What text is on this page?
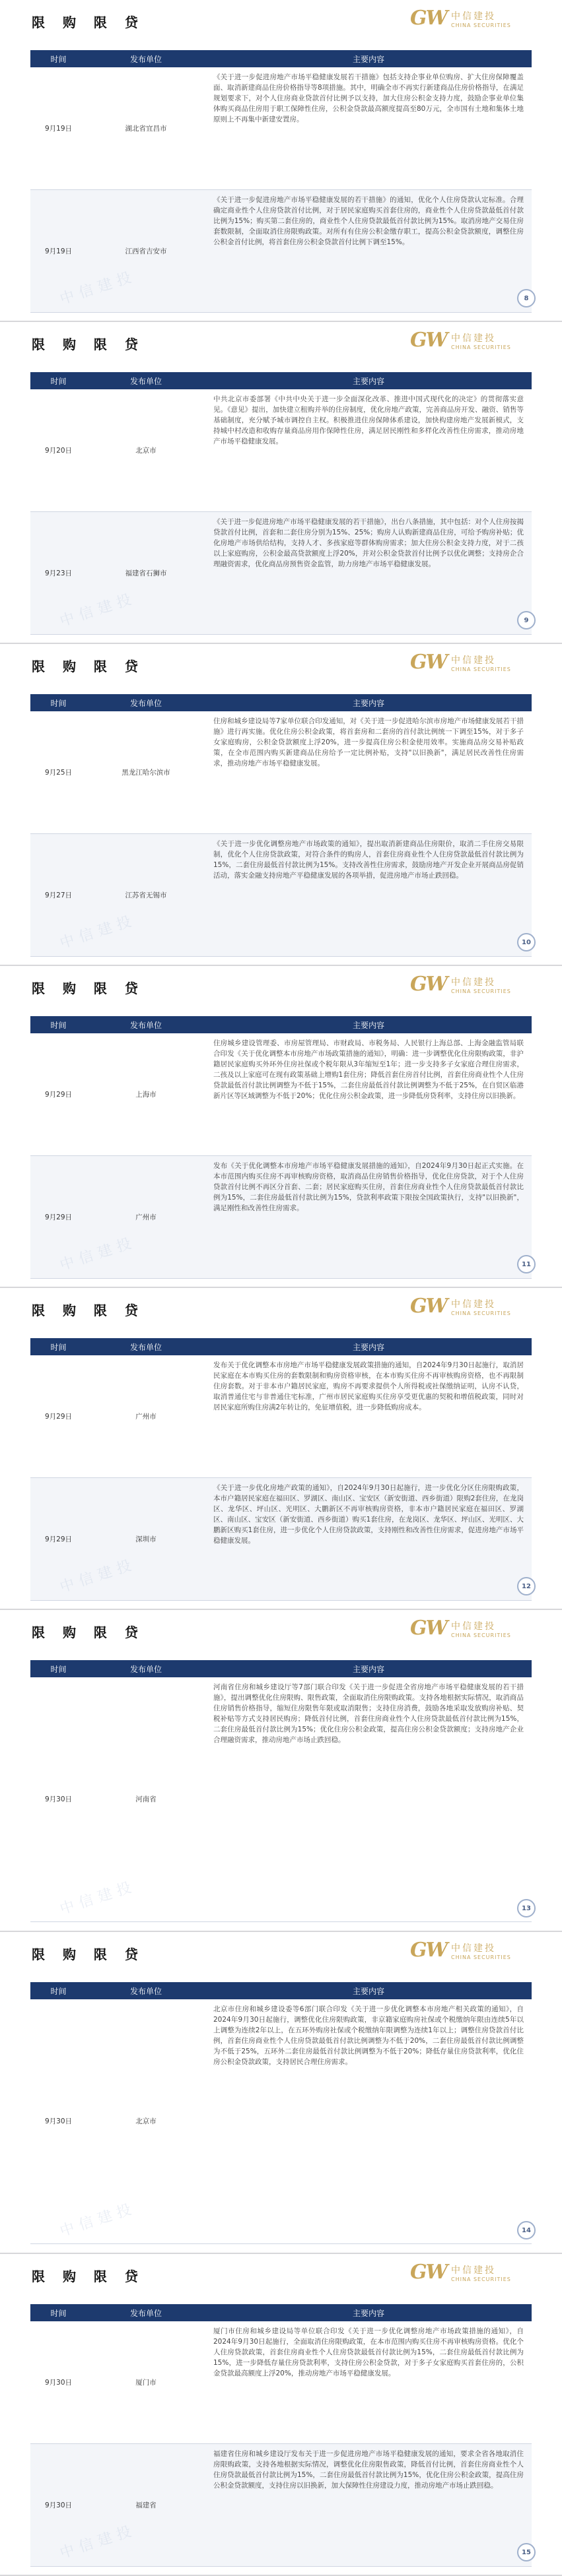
限 购 限 贷	GW 中信建投
CHINA SECURITIES
时间	发布单位	主要内容
9月19日	湖北省宜昌市
《关于进一步促进房地产市场平稳健康发展若干措施》包括支持企事业单位购房、扩大住房保障覆盖面、取消新建商品住房价格指导等8项措施。其中，明确全市不再实行新建商品住房价格指导，在满足规划要求下，对个人住房商业贷款首付比例予以支持，加大住房公积金支持力度，鼓励企事业单位集体购买商品住房用于职工保障性住房，公积金贷款最高额度提高至80万元，全市国有土地和集体土地原则上不再集中新建安置房。
9月19日	江西省吉安市
《关于进一步促进房地产市场平稳健康发展的若干措施》的通知，优化个人住房贷款认定标准。合理确定商业性个人住房贷款首付比例，对于居民家庭购买首套住房的，商业性个人住房贷款最低首付款比例为15%；购买第二套住房的，商业性个人住房贷款最低首付款比例为15%。取消房地产交易住房套数限制，全面取消住房限购政策。对所有有住房公积金缴存职工，提高公积金贷款额度，调整住房公积金首付比例，将首套住房公积金贷款首付比例下调至15%。
中信建投	8
限 购 限 贷	GW 中信建投
CHINA SECURITIES
时间	发布单位	主要内容
9月20日	北京市
中共北京市委部署《中共中央关于进一步全面深化改革、推进中国式现代化的决定》的贯彻落实意见。《意见》提出，加快建立租购并举的住房制度，优化房地产政策，完善商品房开发、融资、销售等基础制度，充分赋予城市调控自主权。积极推进住房保障体系建设，加快构建房地产发展新模式，支持城中村改造和收购存量商品房用作保障性住房，满足居民刚性和多样化改善性住房需求，推动房地产市场平稳健康发展。
9月23日	福建省石狮市
《关于进一步促进房地产市场平稳健康发展的若干措施》，出台八条措施，其中包括：对个人住房按揭贷款首付比例，首套和二套住房分别为15%、25%；购房人认购新建商品住房，可给予购房补贴；优化房地产市场供给结构，支持人才、多孩家庭等群体购房需求；加大住房公积金支持力度，对于二孩以上家庭购房，公积金最高贷款额度上浮20%，并对公积金贷款首付比例予以优化调整；支持房企合理融资需求，优化商品房预售资金监管，助力房地产市场平稳健康发展。
中信建投	9
限 购 限 贷	GW 中信建投
CHINA SECURITIES
时间	发布单位	主要内容
9月25日	黑龙江哈尔滨市
住房和城乡建设局等7家单位联合印发通知，对《关于进一步促进哈尔滨市房地产市场健康发展若干措施》进行再实施。优化住房公积金政策，将首套房和二套房的首付款比例统一下调至15%，对于多子女家庭购房，公积金贷款额度上浮20%，进一步提高住房公积金使用效率。实施商品房交易补贴政策，在全市范围内购买新建商品住房给予一定比例补贴，支持"以旧换新"，满足居民改善性住房需求，推动房地产市场平稳健康发展。
9月27日	江苏省无锡市
《关于进一步优化调整房地产市场政策的通知》，提出取消新建商品住房限价，取消二手住房交易限制，优化个人住房贷款政策，对符合条件的购房人，首套住房商业性个人住房贷款最低首付款比例为15%，二套住房最低首付款比例为15%。支持改善性住房需求，鼓励房地产开发企业开展商品房促销活动，落实金融支持房地产平稳健康发展的各项举措，促进房地产市场止跌回稳。
中信建投	10
限 购 限 贷	GW 中信建投
CHINA SECURITIES
时间	发布单位	主要内容
9月29日	上海市
住房城乡建设管理委、市房屋管理局、市财政局、市税务局、人民银行上海总部、上海金融监管局联合印发《关于优化调整本市房地产市场政策措施的通知》，明确：进一步调整优化住房限购政策，非沪籍居民家庭购买外环外住房社保或个税年限从3年缩短至1年；进一步支持多子女家庭合理住房需求，二孩及以上家庭可在现有政策基础上增购1套住房；降低首套住房首付比例，首套住房商业性个人住房贷款最低首付款比例调整为不低于15%，二套住房最低首付款比例调整为不低于25%，在自贸区临港新片区等区域调整为不低于20%；优化住房公积金政策，进一步降低房贷利率，支持住房以旧换新。
9月29日	广州市
发布《关于优化调整本市房地产市场平稳健康发展措施的通知》，自2024年9月30日起正式实施。在本市范围内购买住房不再审核购房资格，取消商品住房销售价格指导，优化住房贷款，对于个人住房贷款首付比例不再区分首套、二套；居民家庭购买住房，首套住房商业性个人住房贷款最低首付款比例为15%，二套住房最低首付款比例为15%，贷款利率政策下限按全国政策执行，支持"以旧换新"，满足刚性和改善性住房需求。
中信建投	11
限 购 限 贷	GW 中信建投
CHINA SECURITIES
时间	发布单位	主要内容
9月29日	广州市
发布关于优化调整本市房地产市场平稳健康发展政策措施的通知，自2024年9月30日起施行，取消居民家庭在本市购买住房的套数限制和购房资格审核，在本市购买住房不再审核购房资格，也不再限制住房套数。对于非本市户籍居民家庭，购房不再要求提供个人所得税或社保缴纳证明，认房不认贷，取消普通住宅与非普通住宅标准，广州市居民家庭购买住房享受更优惠的契税和增值税政策，同时对居民家庭所购住房满2年转让的，免征增值税，进一步降低购房成本。
9月29日	深圳市
《关于进一步优化房地产政策的通知》，自2024年9月30日起施行，进一步优化分区住房限购政策，本市户籍居民家庭在福田区、罗湖区、南山区、宝安区（新安街道、西乡街道）限购2套住房，在龙岗区、龙华区、坪山区、光明区、大鹏新区不再审核购房资格，非本市户籍居民家庭在福田区、罗湖区、南山区、宝安区（新安街道、西乡街道）购买1套住房，在龙岗区、龙华区、坪山区、光明区、大鹏新区购买1套住房，进一步优化个人住房贷款政策，支持刚性和改善性住房需求，促进房地产市场平稳健康发展。
中信建投	12
限 购 限 贷	GW 中信建投
CHINA SECURITIES
时间	发布单位	主要内容
9月30日	河南省
河南省住房和城乡建设厅等7部门联合印发《关于进一步促进全省房地产市场平稳健康发展的若干措施》，提出调整优化住房限购、限售政策，全面取消住房限购政策。支持各地根据实际情况，取消商品住房销售价格指导，缩短住房限售年限或取消限售；支持住房消费，鼓励各地采取发放购房补贴、契税补贴等方式支持居民购房；降低首付比例，首套住房商业性个人住房贷款最低首付款比例为15%，二套住房最低首付款比例为15%；优化住房公积金政策，提高住房公积金贷款额度；支持房地产企业合理融资需求，推动房地产市场止跌回稳。
中信建投	13
限 购 限 贷	GW 中信建投
CHINA SECURITIES
时间	发布单位	主要内容
9月30日	北京市
北京市住房和城乡建设委等6部门联合印发《关于进一步优化调整本市房地产相关政策的通知》，自2024年9月30日起施行，调整优化住房限购政策，非京籍家庭购房社保或个税缴纳年限由连续5年以上调整为连续2年以上，在五环外购房社保或个税缴纳年限调整为连续1年以上；调整住房贷款首付比例，首套住房商业性个人住房贷款最低首付款比例调整为不低于20%，二套住房最低首付款比例调整为不低于25%，五环外二套住房最低首付款比例调整为不低于20%；降低存量住房贷款利率，优化住房公积金贷款政策，支持居民合理住房需求。
中信建投	14
限 购 限 贷	GW 中信建投
CHINA SECURITIES
时间	发布单位	主要内容
9月30日	厦门市
厦门市住房和城乡建设局等单位联合印发《关于进一步优化调整房地产市场政策措施的通知》，自2024年9月30日起施行，全面取消住房限购政策，在本市范围内购买住房不再审核购房资格。优化个人住房贷款政策，首套住房商业性个人住房贷款最低首付款比例为15%，二套住房最低首付款比例为15%，进一步降低存量住房贷款利率，支持住房公积金贷款，对于多子女家庭购买首套住房的，公积金贷款最高额度上浮20%，推动房地产市场平稳健康发展。
9月30日	福建省
福建省住房和城乡建设厅发布关于进一步促进房地产市场平稳健康发展的通知，要求全省各地取消住房限购政策，支持各地根据实际情况，调整优化住房限售政策，降低首付比例，首套住房商业性个人住房贷款最低首付款比例为15%，二套住房最低首付款比例为15%，优化住房公积金政策，提高住房公积金贷款额度，支持住房以旧换新，加大保障性住房建设力度，推动房地产市场止跌回稳。
中信建投	15
